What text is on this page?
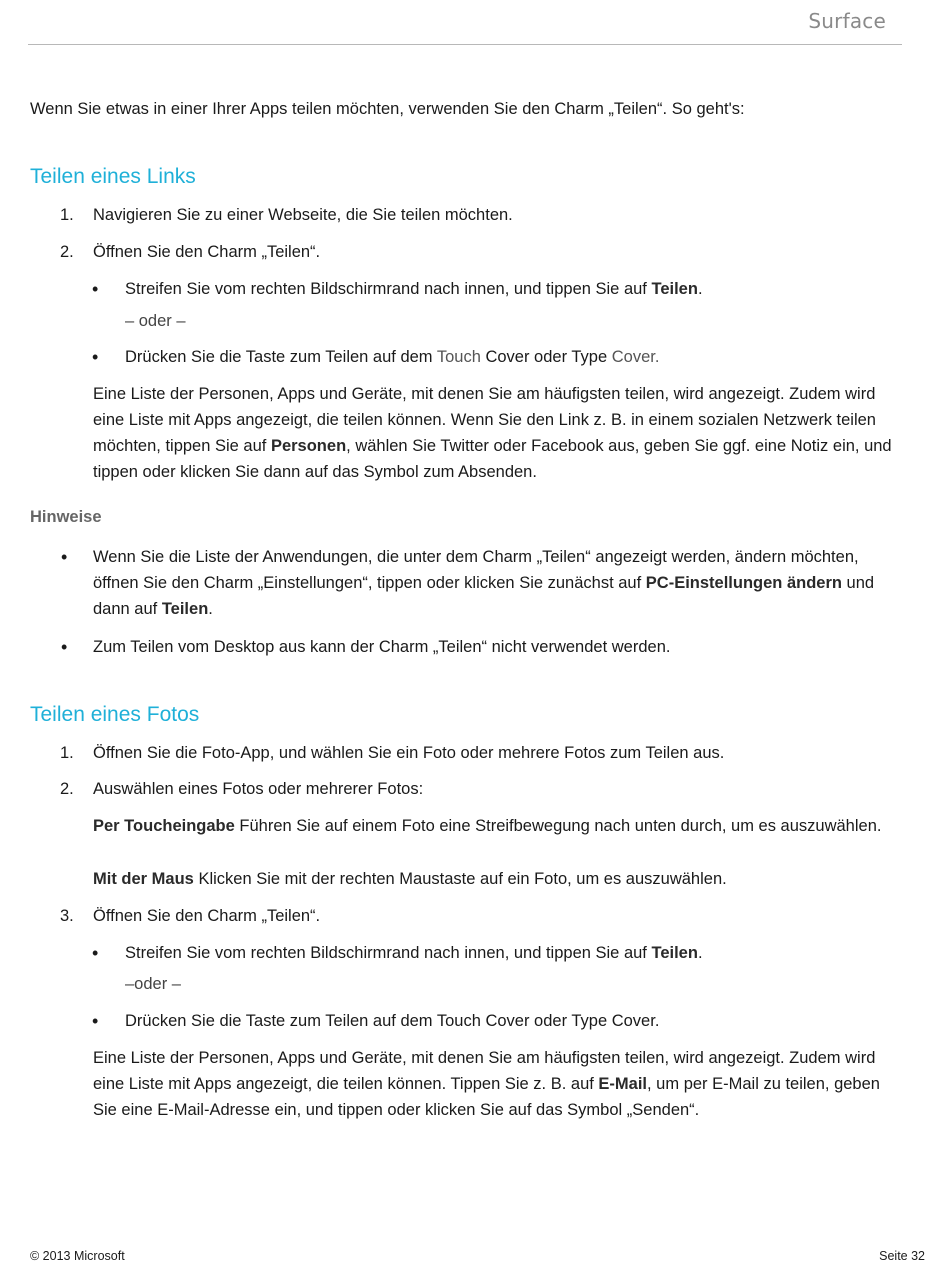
Surface

Wenn Sie etwas in einer Ihrer Apps teilen möchten, verwenden Sie den Charm „Teilen“. So geht's:

Teilen eines Links
1.	Navigieren Sie zu einer Webseite, die Sie teilen möchten.

2.	Öffnen Sie den Charm „Teilen“.

•

Streifen Sie vom rechten Bildschirmrand nach innen, und tippen Sie auf Teilen.

– oder –

•

Drücken Sie die Taste zum Teilen auf dem Touch Cover oder Type Cover.

Eine Liste der Personen, Apps und Geräte, mit denen Sie am häufigsten teilen, wird angezeigt. Zudem wird eine Liste mit Apps angezeigt, die teilen können. Wenn Sie den Link z. B. in einem sozialen Netzwerk teilen möchten, tippen Sie auf Personen, wählen Sie Twitter oder Facebook aus, geben Sie ggf. eine Notiz ein, und tippen oder klicken Sie dann auf das Symbol zum Absenden.

Hinweise

•

Wenn Sie die Liste der Anwendungen, die unter dem Charm „Teilen“ angezeigt werden, ändern möchten, öffnen Sie den Charm „Einstellungen“, tippen oder klicken Sie zunächst auf PC-Einstellungen ändern und dann auf Teilen.

•

Zum Teilen vom Desktop aus kann der Charm „Teilen“ nicht verwendet werden.

Teilen eines Fotos
1.	Öffnen Sie die Foto-App, und wählen Sie ein Foto oder mehrere Fotos zum Teilen aus.

2.	Auswählen eines Fotos oder mehrerer Fotos:

Per Toucheingabe Führen Sie auf einem Foto eine Streifbewegung nach unten durch, um es auszuwählen.

Mit der Maus Klicken Sie mit der rechten Maustaste auf ein Foto, um es auszuwählen.

3.	Öffnen Sie den Charm „Teilen“.

•

Streifen Sie vom rechten Bildschirmrand nach innen, und tippen Sie auf Teilen.

–oder –

•

Drücken Sie die Taste zum Teilen auf dem Touch Cover oder Type Cover.

Eine Liste der Personen, Apps und Geräte, mit denen Sie am häufigsten teilen, wird angezeigt. Zudem wird eine Liste mit Apps angezeigt, die teilen können. Tippen Sie z. B. auf E-Mail, um per E-Mail zu teilen, geben Sie eine E-Mail-Adresse ein, und tippen oder klicken Sie auf das Symbol „Senden“.

© 2013 Microsoft	Seite 32
